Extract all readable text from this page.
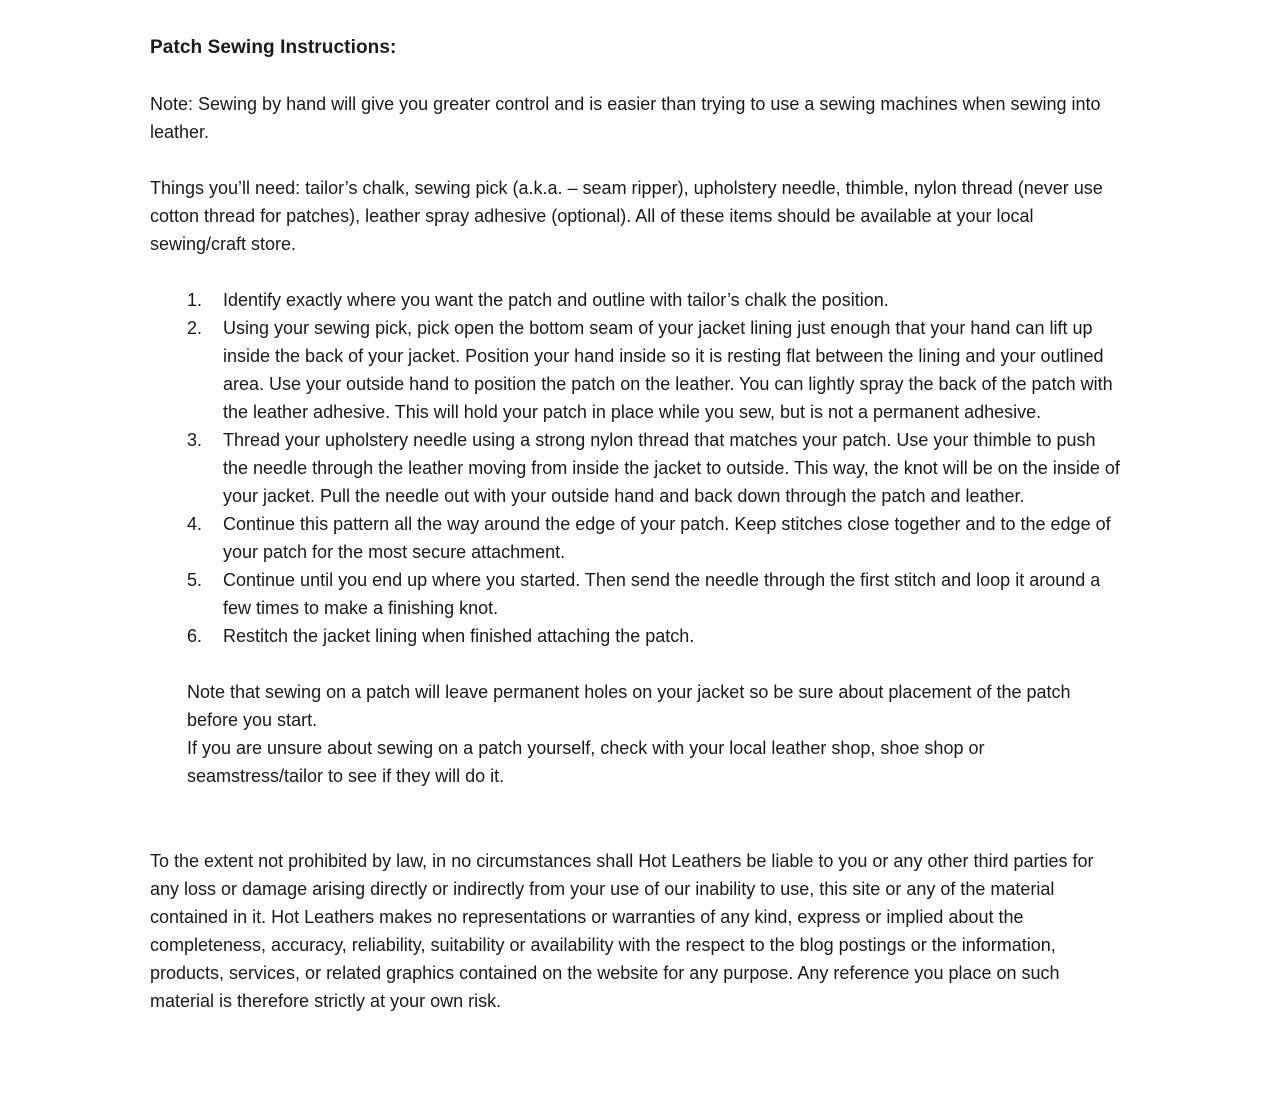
Patch Sewing Instructions:

Note: Sewing by hand will give you greater control and is easier than trying to use a sewing machines when sewing into leather.

Things you’ll need: tailor’s chalk, sewing pick (a.k.a. – seam ripper), upholstery needle, thimble, nylon thread (never use cotton thread for patches), leather spray adhesive (optional). All of these items should be available at your local sewing/craft store.

Identify exactly where you want the patch and outline with tailor’s chalk the position.
Using your sewing pick, pick open the bottom seam of your jacket lining just enough that your hand can lift up inside the back of your jacket. Position your hand inside so it is resting flat between the lining and your outlined area. Use your outside hand to position the patch on the leather. You can lightly spray the back of the patch with the leather adhesive. This will hold your patch in place while you sew, but is not a permanent adhesive.
Thread your upholstery needle using a strong nylon thread that matches your patch. Use your thimble to push the needle through the leather moving from inside the jacket to outside. This way, the knot will be on the inside of your jacket. Pull the needle out with your outside hand and back down through the patch and leather.
Continue this pattern all the way around the edge of your patch. Keep stitches close together and to the edge of your patch for the most secure attachment.
Continue until you end up where you started. Then send the needle through the first stitch and loop it around a few times to make a finishing knot.
Restitch the jacket lining when finished attaching the patch.

Note that sewing on a patch will leave permanent holes on your jacket so be sure about placement of the patch before you start.

If you are unsure about sewing on a patch yourself, check with your local leather shop, shoe shop or seamstress/tailor to see if they will do it.

To the extent not prohibited by law, in no circumstances shall Hot Leathers be liable to you or any other third parties for any loss or damage arising directly or indirectly from your use of our inability to use, this site or any of the material contained in it. Hot Leathers makes no representations or warranties of any kind, express or implied about the completeness, accuracy, reliability, suitability or availability with the respect to the blog postings or the information, products, services, or related graphics contained on the website for any purpose. Any reference you place on such material is therefore strictly at your own risk.
